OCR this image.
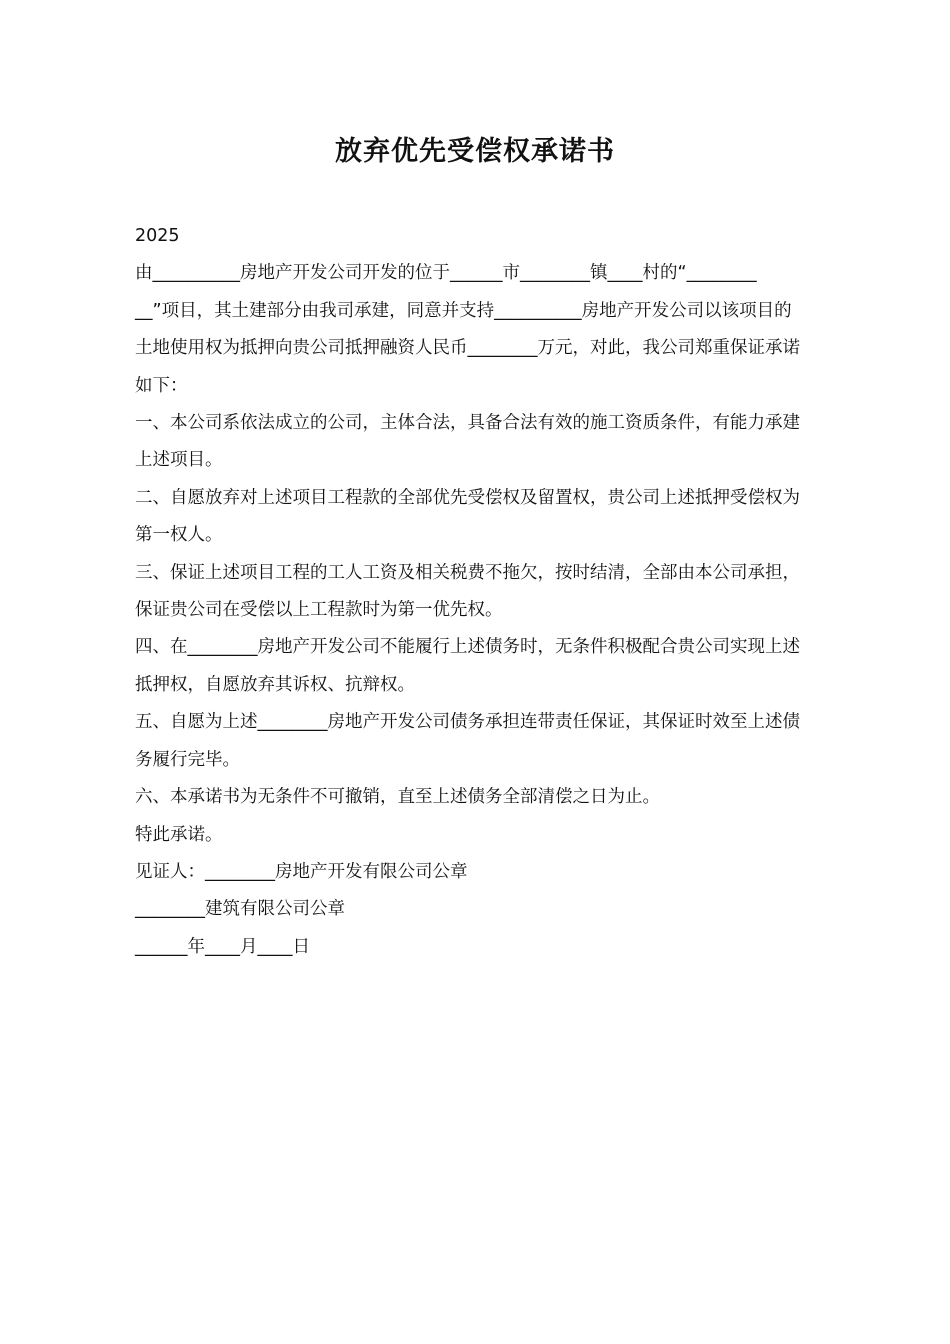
放弃优先受偿权承诺书

2025

由__________房地产开发公司开发的位于______市________镇____村的“________

__”项目，其土建部分由我司承建，同意并支持__________房地产开发公司以该项目的

土地使用权为抵押向贵公司抵押融资人民币________万元，对此，我公司郑重保证承诺

如下：

一、本公司系依法成立的公司，主体合法，具备合法有效的施工资质条件，有能力承建

上述项目。

二、自愿放弃对上述项目工程款的全部优先受偿权及留置权，贵公司上述抵押受偿权为

第一权人。

三、保证上述项目工程的工人工资及相关税费不拖欠，按时结清，全部由本公司承担，

保证贵公司在受偿以上工程款时为第一优先权。

四、在________房地产开发公司不能履行上述债务时，无条件积极配合贵公司实现上述

抵押权，自愿放弃其诉权、抗辩权。

五、自愿为上述________房地产开发公司债务承担连带责任保证，其保证时效至上述债

务履行完毕。

六、本承诺书为无条件不可撤销，直至上述债务全部清偿之日为止。

特此承诺。

见证人：________房地产开发有限公司公章

________建筑有限公司公章

______年____月____日
